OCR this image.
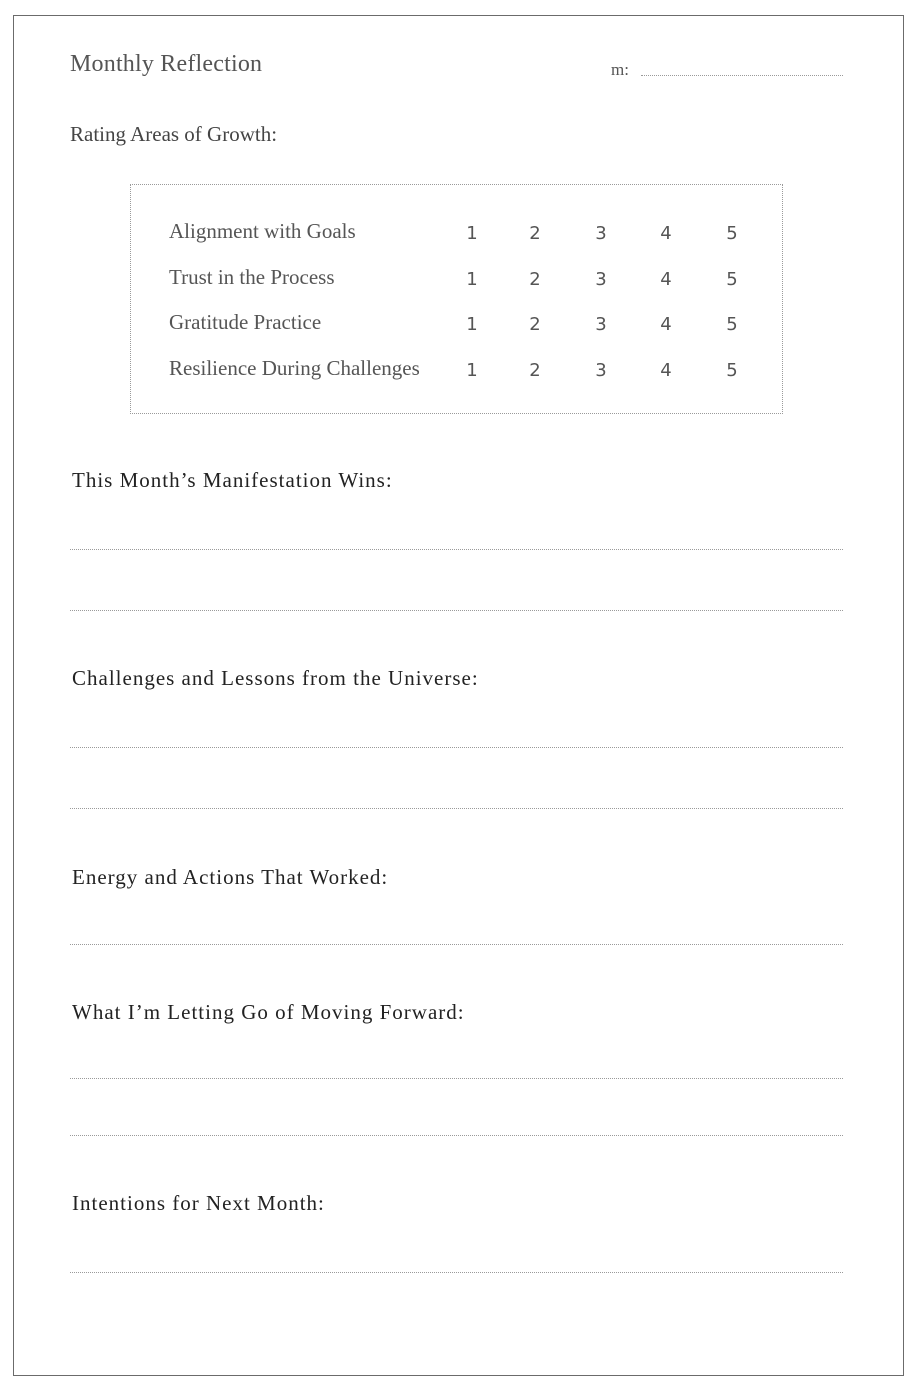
Monthly Reflection	m:
Rating Areas of Growth:
Alignment with Goals	1	2	3	4	5
Trust in the Process	1	2	3	4	5
Gratitude Practice	1	2	3	4	5
Resilience During Challenges	1	2	3	4	5
This Month’s Manifestation Wins:
Challenges and Lessons from the Universe:
Energy and Actions That Worked:
What I’m Letting Go of Moving Forward:
Intentions for Next Month:
